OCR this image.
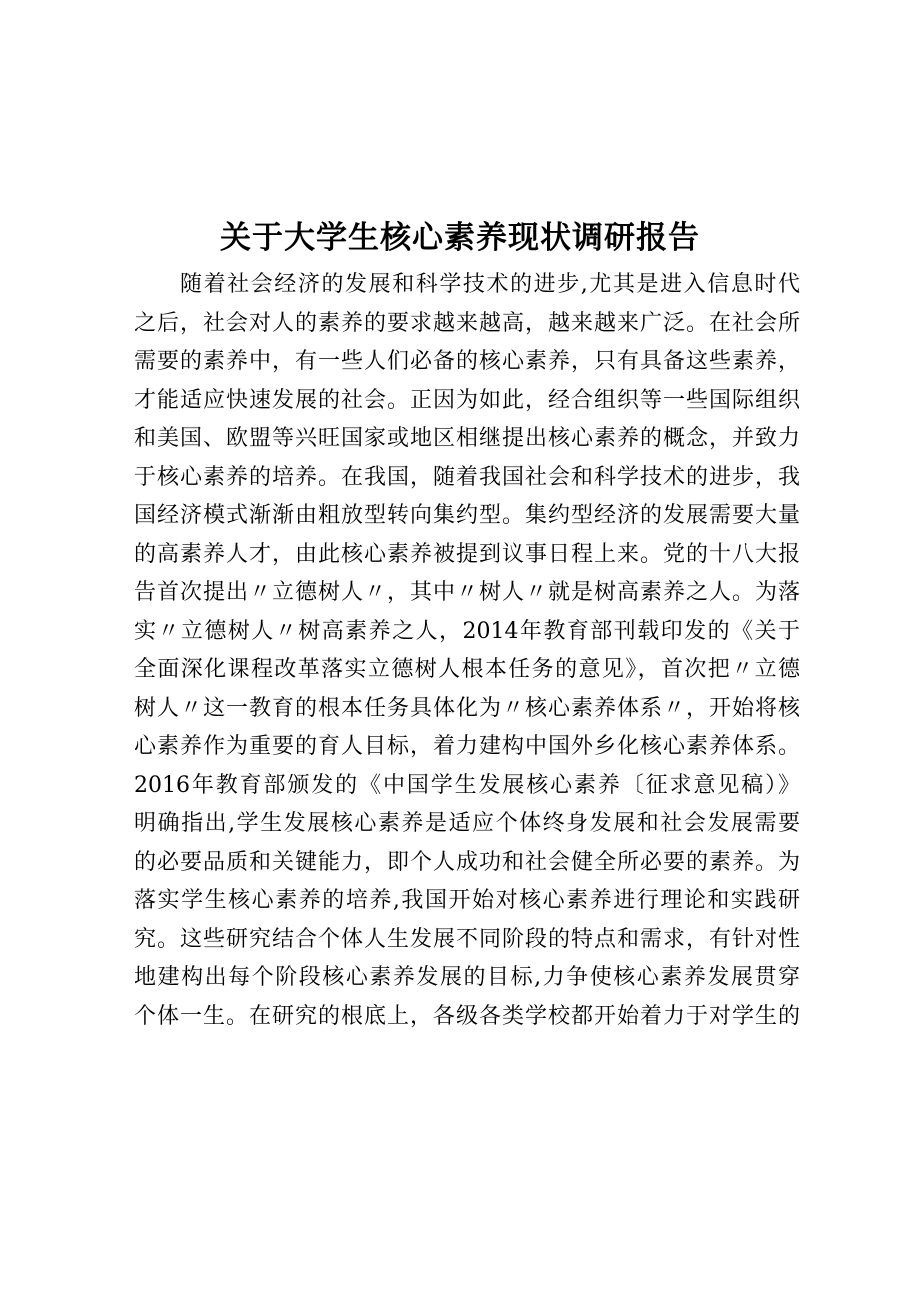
关于大学生核心素养现状调研报告
随着社会经济的发展和科学技术的进步,尤其是进入信息时代
之后，社会对人的素养的要求越来越高，越来越来广泛。在社会所
需要的素养中，有一些人们必备的核心素养，只有具备这些素养，
才能适应快速发展的社会。正因为如此，经合组织等一些国际组织
和美国、欧盟等兴旺国家或地区相继提出核心素养的概念，并致力
于核心素养的培养。在我国，随着我国社会和科学技术的进步，我
国经济模式渐渐由粗放型转向集约型。集约型经济的发展需要大量
的高素养人才，由此核心素养被提到议事日程上来。党的十八大报
告首次提出〃立德树人〃，其中〃树人〃就是树高素养之人。为落
实〃立德树人〃树高素养之人，2014年教育部刊载印发的《关于
全面深化课程改革落实立德树人根本任务的意见》，首次把〃立德
树人〃这一教育的根本任务具体化为〃核心素养体系〃，开始将核
心素养作为重要的育人目标，着力建构中国外乡化核心素养体系。
2016年教育部颁发的《中国学生发展核心素养〔征求意见稿）》
明确指出,学生发展核心素养是适应个体终身发展和社会发展需要
的必要品质和关键能力，即个人成功和社会健全所必要的素养。为
落实学生核心素养的培养,我国开始对核心素养进行理论和实践研
究。这些研究结合个体人生发展不同阶段的特点和需求，有针对性
地建构出每个阶段核心素养发展的目标,力争使核心素养发展贯穿
个体一生。在研究的根底上，各级各类学校都开始着力于对学生的
